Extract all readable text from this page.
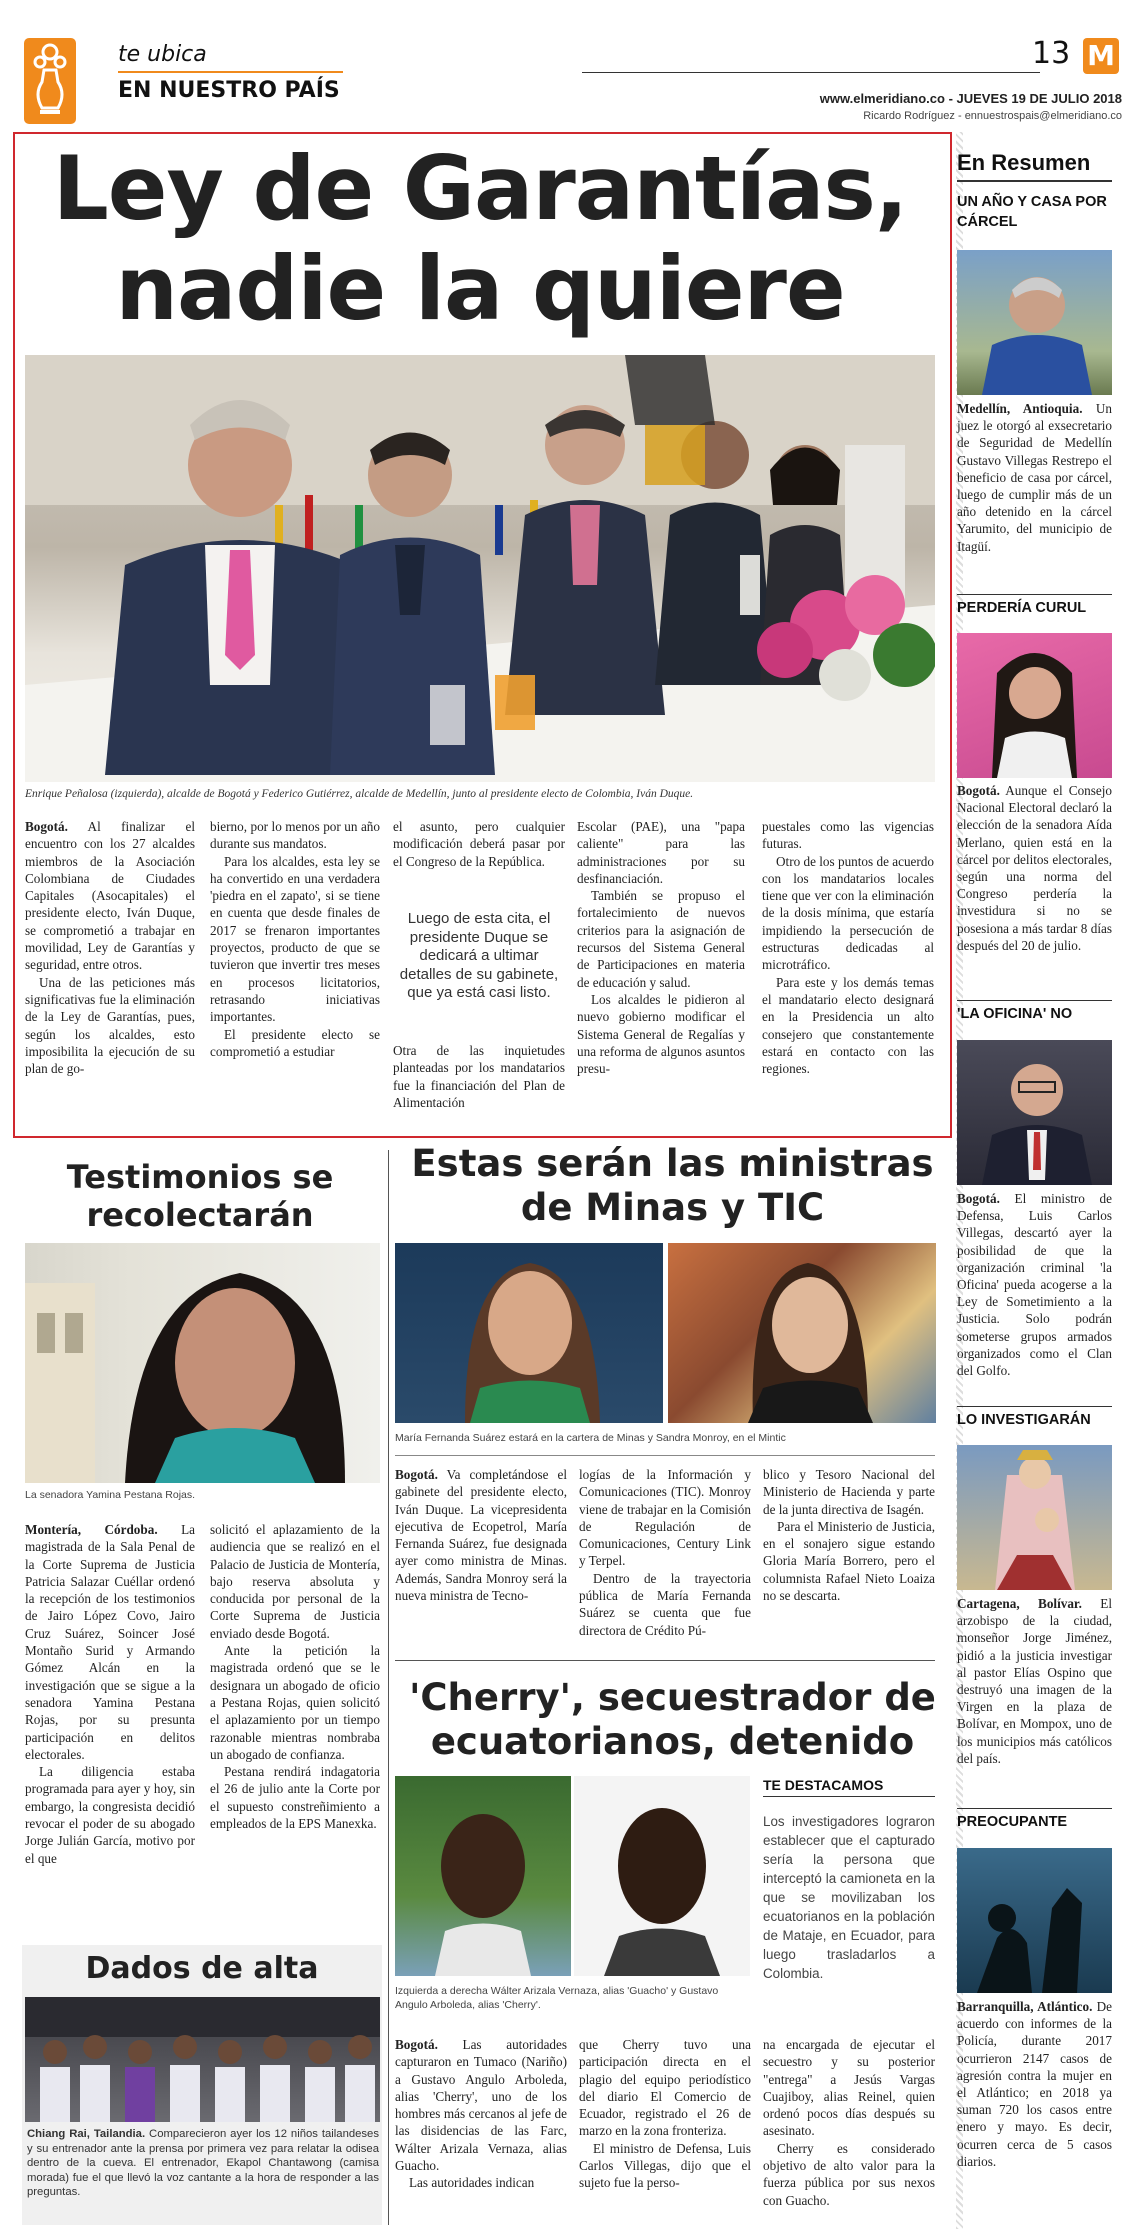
te ubica
EN NUESTRO PAÍS
13 M
www.elmeridiano.co - JUEVES 19 DE JULIO 2018
Ricardo Rodríguez - ennuestrospais@elmeridiano.co
Ley de Garantías,
nadie la quiere
Enrique Peñalosa (izquierda), alcalde de Bogotá y Federico Gutiérrez, alcalde de Medellín, junto al presidente electo de Colombia, Iván Duque.

Bogotá. Al finalizar el encuentro con los 27 alcaldes miembros de la Asociación Colombiana de Ciudades Capitales (Asocapitales) el presidente electo, Iván Duque, se comprometió a trabajar en movilidad, Ley de Garantías y seguridad, entre otros.

Una de las peticiones más significativas fue la eliminación de la Ley de Garantías, pues, según los alcaldes, esto imposibilita la ejecución de su plan de go-

bierno, por lo menos por un año durante sus mandatos.

Para los alcaldes, esta ley se ha convertido en una verdadera 'piedra en el zapato', si se tiene en cuenta que desde finales de 2017 se frenaron importantes proyectos, producto de que se tuvieron que invertir tres meses en procesos licitatorios, retrasando iniciativas importantes.

El presidente electo se comprometió a estudiar

el asunto, pero cualquier modificación deberá pasar por el Congreso de la República.

Luego de esta cita, el presidente Duque se dedicará a ultimar detalles de su gabinete, que ya está casi listo.

Otra de las inquietudes planteadas por los mandatarios fue la financiación del Plan de Alimentación

Escolar (PAE), una "papa caliente" para las administraciones por su desfinanciación.

También se propuso el fortalecimiento de nuevos criterios para la asignación de recursos del Sistema General de Participaciones en materia de educación y salud.

Los alcaldes le pidieron al nuevo gobierno modificar el Sistema General de Regalías y una reforma de algunos asuntos presu-

puestales como las vigencias futuras.

Otro de los puntos de acuerdo con los mandatarios locales tiene que ver con la eliminación de la dosis mínima, que estaría impidiendo la persecución de estructuras dedicadas al microtráfico.

Para este y los demás temas el mandatario electo designará en la Presidencia un alto consejero que constantemente estará en contacto con las regiones.

En Resumen
UN AÑO Y CASA POR CÁRCEL
Medellín, Antioquia. Un juez le otorgó al exsecretario de Seguridad de Medellín Gustavo Villegas Restrepo el beneficio de casa por cárcel, luego de cumplir más de un año detenido en la cárcel Yarumito, del municipio de Itagüí.
PERDERÍA CURUL
Bogotá. Aunque el Consejo Nacional Electoral declaró la elección de la senadora Aída Merlano, quien está en la cárcel por delitos electorales, según una norma del Congreso perdería la investidura si no se posesiona a más tardar 8 días después del 20 de julio.
'LA OFICINA' NO
Bogotá. El ministro de Defensa, Luis Carlos Villegas, descartó ayer la posibilidad de que la organización criminal 'la Oficina' pueda acogerse a la Ley de Sometimiento a la Justicia. Solo podrán someterse grupos armados organizados como el Clan del Golfo.
LO INVESTIGARÁN
Cartagena, Bolívar. El arzobispo de la ciudad, monseñor Jorge Jiménez, pidió a la justicia investigar al pastor Elías Ospino que destruyó una imagen de la Virgen en la plaza de Bolívar, en Mompox, uno de los municipios más católicos del país.
PREOCUPANTE
Barranquilla, Atlántico. De acuerdo con informes de la Policía, durante 2017 ocurrieron 2147 casos de agresión contra la mujer en el Atlántico; en 2018 ya suman 720 los casos entre enero y mayo. Es decir, ocurren cerca de 5 casos diarios.
Testimonios se recolectarán
La senadora Yamina Pestana Rojas.

Montería, Córdoba. La magistrada de la Sala Penal de la Corte Suprema de Justicia Patricia Salazar Cuéllar ordenó la recepción de los testimonios de Jairo López Covo, Jairo Cruz Suárez, Soincer José Montaño Surid y Armando Gómez Alcán en la investigación que se sigue a la senadora Yamina Pestana Rojas, por su presunta participación en delitos electorales.

La diligencia estaba programada para ayer y hoy, sin embargo, la congresista decidió revocar el poder de su abogado Jorge Julián García, motivo por el que

solicitó el aplazamiento de la audiencia que se realizó en el Palacio de Justicia de Montería, bajo reserva absoluta y conducida por personal de la Corte Suprema de Justicia enviado desde Bogotá.

Ante la petición la magistrada ordenó que se le designara un abogado de oficio a Pestana Rojas, quien solicitó el aplazamiento por un tiempo razonable mientras nombraba un abogado de confianza.

Pestana rendirá indagatoria el 26 de julio ante la Corte por el supuesto constreñimiento a empleados de la EPS Manexka.

Dados de alta
Chiang Rai, Tailandia. Comparecieron ayer los 12 niños tailandeses y su entrenador ante la prensa por primera vez para relatar la odisea dentro de la cueva. El entrenador, Ekapol Chantawong (camisa morada) fue el que llevó la voz cantante a la hora de responder a las preguntas.
Estas serán las ministras
de Minas y TIC
María Fernanda Suárez estará en la cartera de Minas y Sandra Monroy, en el Mintic

Bogotá. Va completándose el gabinete del presidente electo, Iván Duque. La vicepresidenta ejecutiva de Ecopetrol, María Fernanda Suárez, fue designada ayer como ministra de Minas. Además, Sandra Monroy será la nueva ministra de Tecno-

logías de la Información y Comunicaciones (TIC). Monroy viene de trabajar en la Comisión de Regulación de Comunicaciones, Century Link y Terpel.

Dentro de la trayectoria pública de María Fernanda Suárez se cuenta que fue directora de Crédito Pú-

blico y Tesoro Nacional del Ministerio de Hacienda y parte de la junta directiva de Isagén.

Para el Ministerio de Justicia, en el sonajero sigue estando Gloria María Borrero, pero el columnista Rafael Nieto Loaiza no se descarta.

'Cherry', secuestrador de
ecuatorianos, detenido
Izquierda a derecha Wálter Arizala Vernaza, alias 'Guacho' y Gustavo Angulo Arboleda, alias 'Cherry'.
TE DESTACAMOS
Los investigadores lograron establecer que el capturado sería la persona que interceptó la camioneta en la que se movilizaban los ecuatorianos en la población de Mataje, en Ecuador, para luego trasladarlos a Colombia.

Bogotá. Las autoridades capturaron en Tumaco (Nariño) a Gustavo Angulo Arboleda, alias 'Cherry', uno de los hombres más cercanos al jefe de las disidencias de las Farc, Wálter Arizala Vernaza, alias Guacho.

Las autoridades indican

que Cherry tuvo una participación directa en el plagio del equipo periodístico del diario El Comercio de Ecuador, registrado el 26 de marzo en la zona fronteriza.

El ministro de Defensa, Luis Carlos Villegas, dijo que el sujeto fue la perso-

na encargada de ejecutar el secuestro y su posterior "entrega" a Jesús Vargas Cuajiboy, alias Reinel, quien ordenó pocos días después su asesinato.

Cherry es considerado objetivo de alto valor para la fuerza pública por sus nexos con Guacho.
